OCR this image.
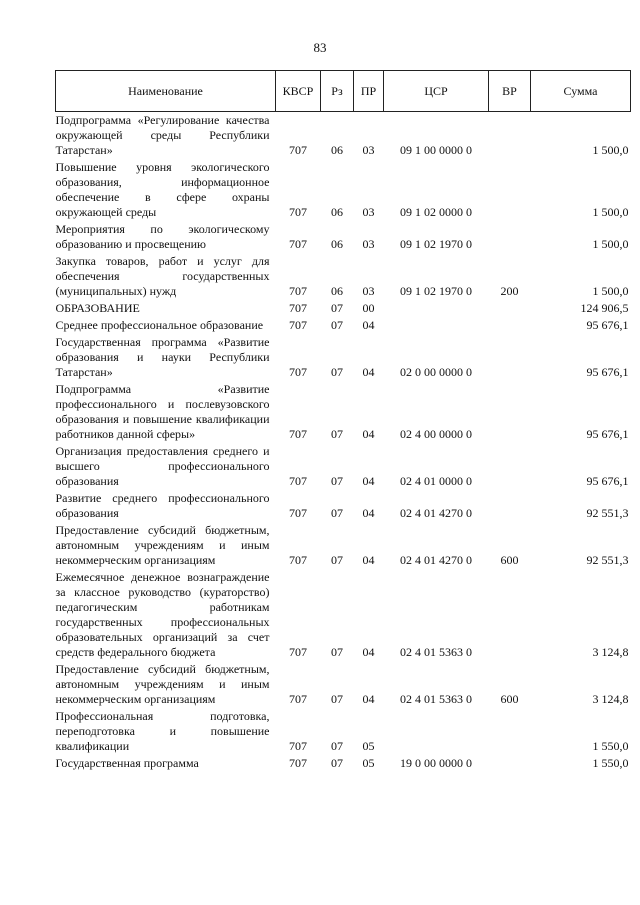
83
Наименование	КВСР	Рз	ПР	ЦСР	ВР	Сумма
Подпрограмма «Регулирование качества окружающей среды Республики Татарстан»	707	06	03	09 1 00 0000 0		1 500,0
Повышение уровня экологического образования, информационное обеспечение в сфере охраны окружающей среды	707	06	03	09 1 02 0000 0		1 500,0
Мероприятия по экологическому образованию и просвещению	707	06	03	09 1 02 1970 0		1 500,0
Закупка товаров, работ и услуг для обеспечения государственных (муниципальных) нужд	707	06	03	09 1 02 1970 0	200	1 500,0
ОБРАЗОВАНИЕ	707	07	00			124 906,5
Среднее профессиональное образование	707	07	04			95 676,1
Государственная программа «Развитие образования и науки Республики Татарстан»	707	07	04	02 0 00 0000 0		95 676,1
Подпрограмма «Развитие профессионального и послевузовского образования и повышение квалификации работников данной сферы»	707	07	04	02 4 00 0000 0		95 676,1
Организация предоставления среднего и высшего профессионального образования	707	07	04	02 4 01 0000 0		95 676,1
Развитие среднего профессионального образования	707	07	04	02 4 01 4270 0		92 551,3
Предоставление субсидий бюджетным, автономным учреждениям и иным некоммерческим организациям	707	07	04	02 4 01 4270 0	600	92 551,3
Ежемесячное денежное вознаграждение за классное руководство (кураторство) педагогическим работникам государственных профессиональных образовательных организаций за счет средств федерального бюджета	707	07	04	02 4 01 5363 0		3 124,8
Предоставление субсидий бюджетным, автономным учреждениям и иным некоммерческим организациям	707	07	04	02 4 01 5363 0	600	3 124,8
Профессиональная подготовка, переподготовка и повышение квалификации	707	07	05			1 550,0
Государственная программа	707	07	05	19 0 00 0000 0		1 550,0
